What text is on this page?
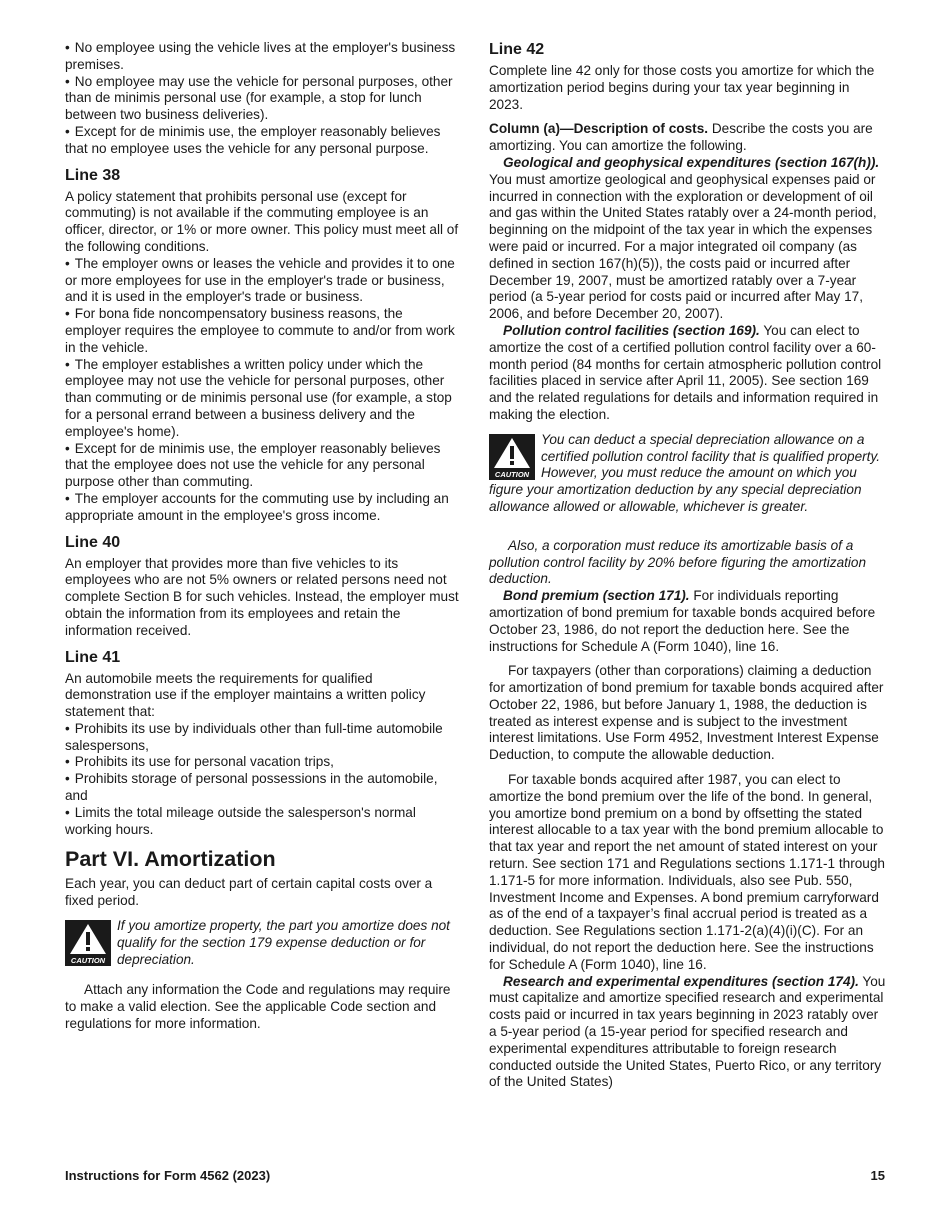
• No employee using the vehicle lives at the employer's business premises.

• No employee may use the vehicle for personal purposes, other than de minimis personal use (for example, a stop for lunch between two business deliveries).

• Except for de minimis use, the employer reasonably believes that no employee uses the vehicle for any personal purpose.

Line 38

A policy statement that prohibits personal use (except for commuting) is not available if the commuting employee is an officer, director, or 1% or more owner. This policy must meet all of the following conditions.

• The employer owns or leases the vehicle and provides it to one or more employees for use in the employer's trade or business, and it is used in the employer's trade or business.

• For bona fide noncompensatory business reasons, the employer requires the employee to commute to and/or from work in the vehicle.

• The employer establishes a written policy under which the employee may not use the vehicle for personal purposes, other than commuting or de minimis personal use (for example, a stop for a personal errand between a business delivery and the employee's home).

• Except for de minimis use, the employer reasonably believes that the employee does not use the vehicle for any personal purpose other than commuting.

• The employer accounts for the commuting use by including an appropriate amount in the employee's gross income.

Line 40

An employer that provides more than five vehicles to its employees who are not 5% owners or related persons need not complete Section B for such vehicles. Instead, the employer must obtain the information from its employees and retain the information received.

Line 41

An automobile meets the requirements for qualified demonstration use if the employer maintains a written policy statement that:

• Prohibits its use by individuals other than full-time automobile salespersons,

• Prohibits its use for personal vacation trips,

• Prohibits storage of personal possessions in the automobile, and

• Limits the total mileage outside the salesperson's normal working hours.

Part VI. Amortization

Each year, you can deduct part of certain capital costs over a fixed period.

CAUTION

If you amortize property, the part you amortize does not qualify for the section 179 expense deduction or for depreciation.

Attach any information the Code and regulations may require to make a valid election. See the applicable Code section and regulations for more information.

Line 42

Complete line 42 only for those costs you amortize for which the amortization period begins during your tax year beginning in 2023.

Column (a)—Description of costs. Describe the costs you are amortizing. You can amortize the following.

Geological and geophysical expenditures (section 167(h)). You must amortize geological and geophysical expenses paid or incurred in connection with the exploration or development of oil and gas within the United States ratably over a 24-month period, beginning on the midpoint of the tax year in which the expenses were paid or incurred. For a major integrated oil company (as defined in section 167(h)(5)), the costs paid or incurred after December 19, 2007, must be amortized ratably over a 7-year period (a 5-year period for costs paid or incurred after May 17, 2006, and before December 20, 2007).

Pollution control facilities (section 169). You can elect to amortize the cost of a certified pollution control facility over a 60-month period (84 months for certain atmospheric pollution control facilities placed in service after April 11, 2005). See section 169 and the related regulations for details and information required in making the election.

CAUTION

You can deduct a special depreciation allowance on a certified pollution control facility that is qualified property. However, you must reduce the amount on which you figure your amortization deduction by any special depreciation allowance allowed or allowable, whichever is greater.

Also, a corporation must reduce its amortizable basis of a pollution control facility by 20% before figuring the amortization deduction.

Bond premium (section 171). For individuals reporting amortization of bond premium for taxable bonds acquired before October 23, 1986, do not report the deduction here. See the instructions for Schedule A (Form 1040), line 16.

For taxpayers (other than corporations) claiming a deduction for amortization of bond premium for taxable bonds acquired after October 22, 1986, but before January 1, 1988, the deduction is treated as interest expense and is subject to the investment interest limitations. Use Form 4952, Investment Interest Expense Deduction, to compute the allowable deduction.

For taxable bonds acquired after 1987, you can elect to amortize the bond premium over the life of the bond. In general, you amortize bond premium on a bond by offsetting the stated interest allocable to a tax year with the bond premium allocable to that tax year and report the net amount of stated interest on your return. See section 171 and Regulations sections 1.171-1 through 1.171-5 for more information. Individuals, also see Pub. 550, Investment Income and Expenses. A bond premium carryforward as of the end of a taxpayer’s final accrual period is treated as a deduction. See Regulations section 1.171-2(a)(4)(i)(C). For an individual, do not report the deduction here. See the instructions for Schedule A (Form 1040), line 16.

Research and experimental expenditures (section 174). You must capitalize and amortize specified research and experimental costs paid or incurred in tax years beginning in 2023 ratably over a 5-year period (a 15-year period for specified research and experimental expenditures attributable to foreign research conducted outside the United States, Puerto Rico, or any territory of the United States)

Instructions for Form 4562 (2023)	15
